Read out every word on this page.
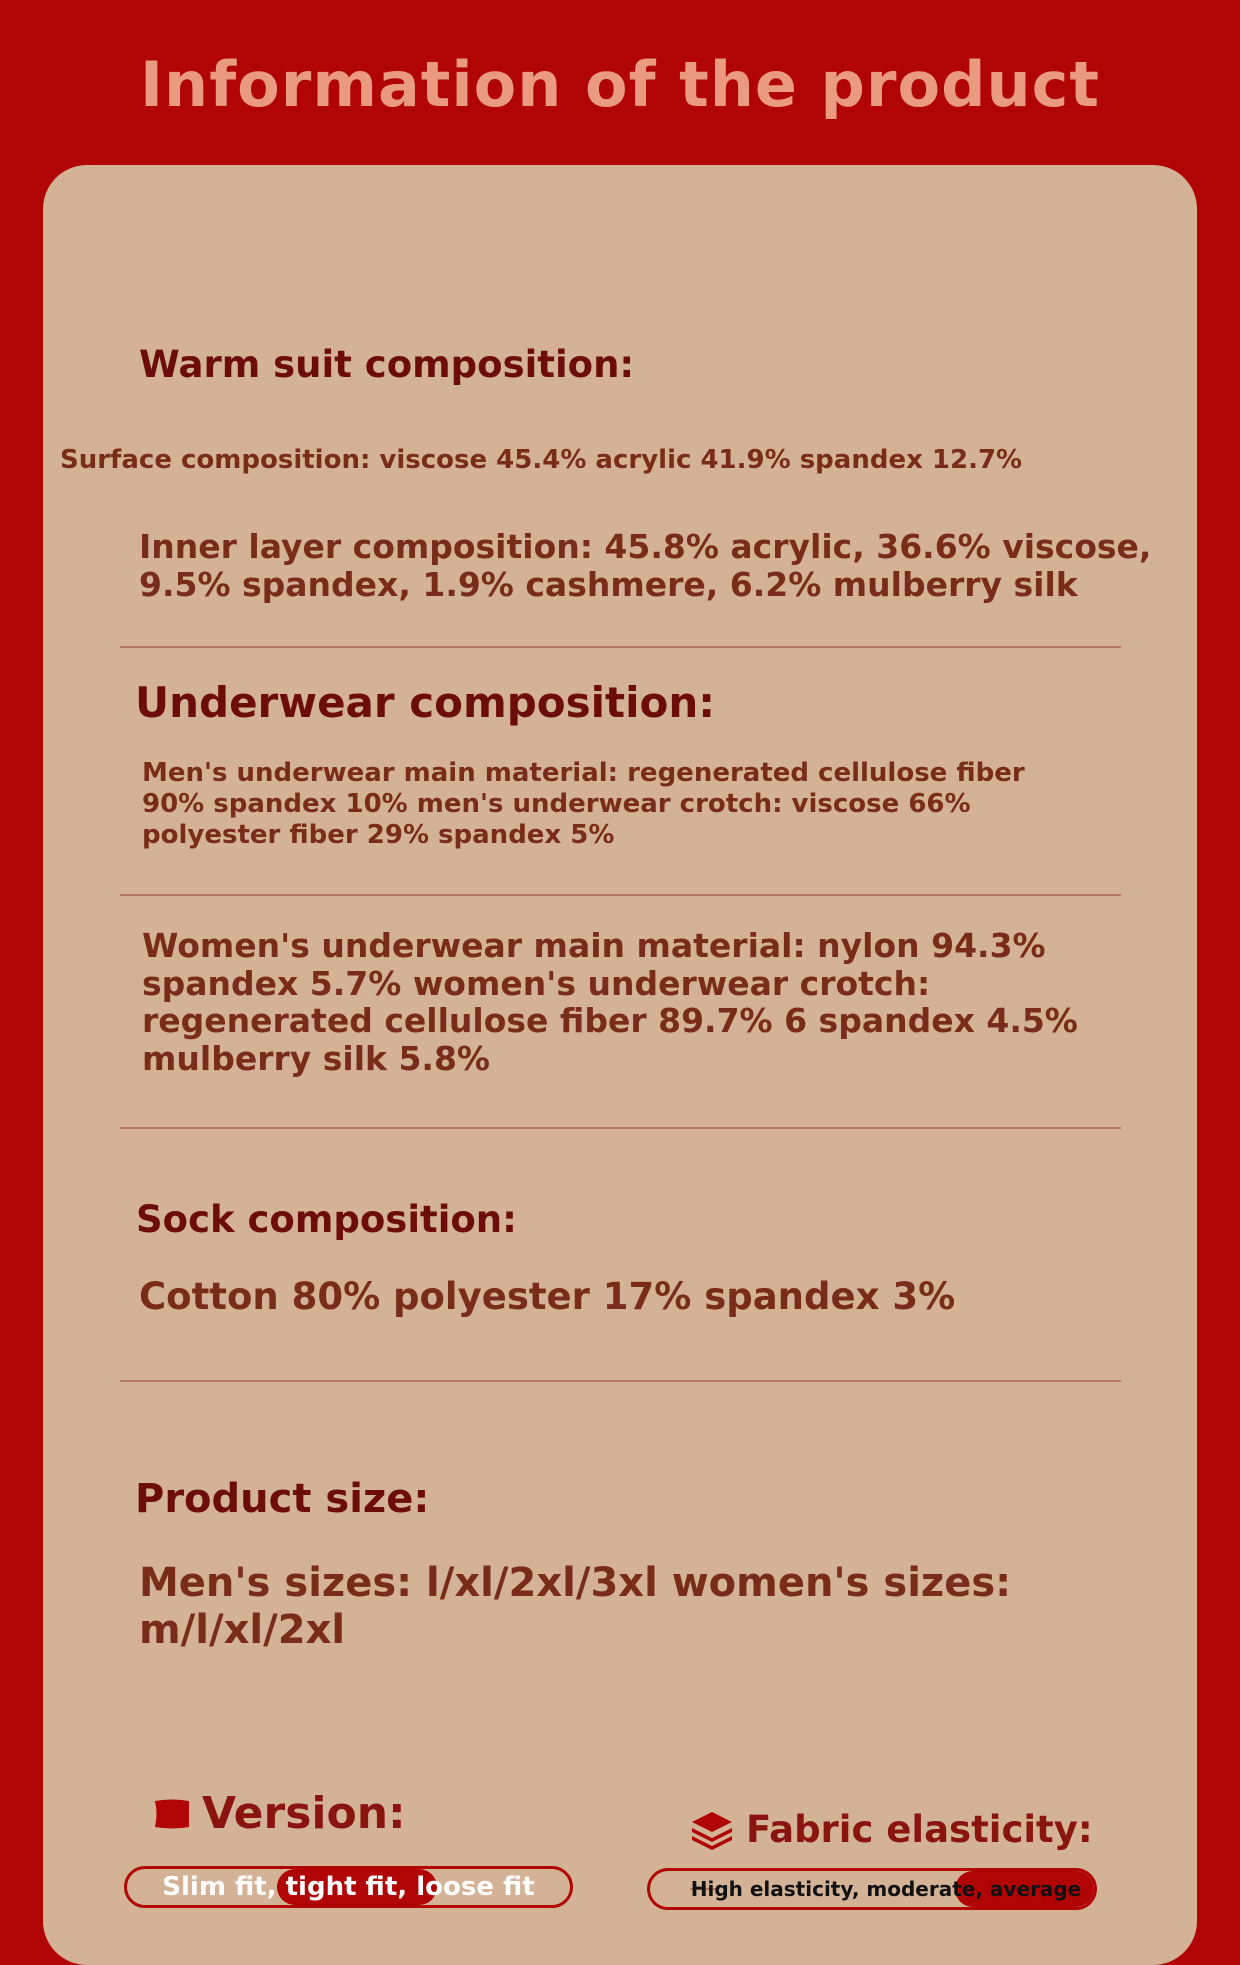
Information of the product
Warm suit composition:
Surface composition: viscose 45.4% acrylic 41.9% spandex 12.7%
Inner layer composition: 45.8% acrylic, 36.6% viscose,
9.5% spandex, 1.9% cashmere, 6.2% mulberry silk
Underwear composition:
Men's underwear main material: regenerated cellulose fiber
90% spandex 10% men's underwear crotch: viscose 66%
polyester fiber 29% spandex 5%
Women's underwear main material: nylon 94.3%
spandex 5.7% women's underwear crotch:
regenerated cellulose fiber 89.7% 6 spandex 4.5%
mulberry silk 5.8%
Sock composition:
Cotton 80% polyester 17% spandex 3%
Product size:
Men's sizes: l/xl/2xl/3xl women's sizes:
m/l/xl/2xl
Version:
Slim fit, tight fit, loose fit
Fabric elasticity:
High elasticity, moderate, average
